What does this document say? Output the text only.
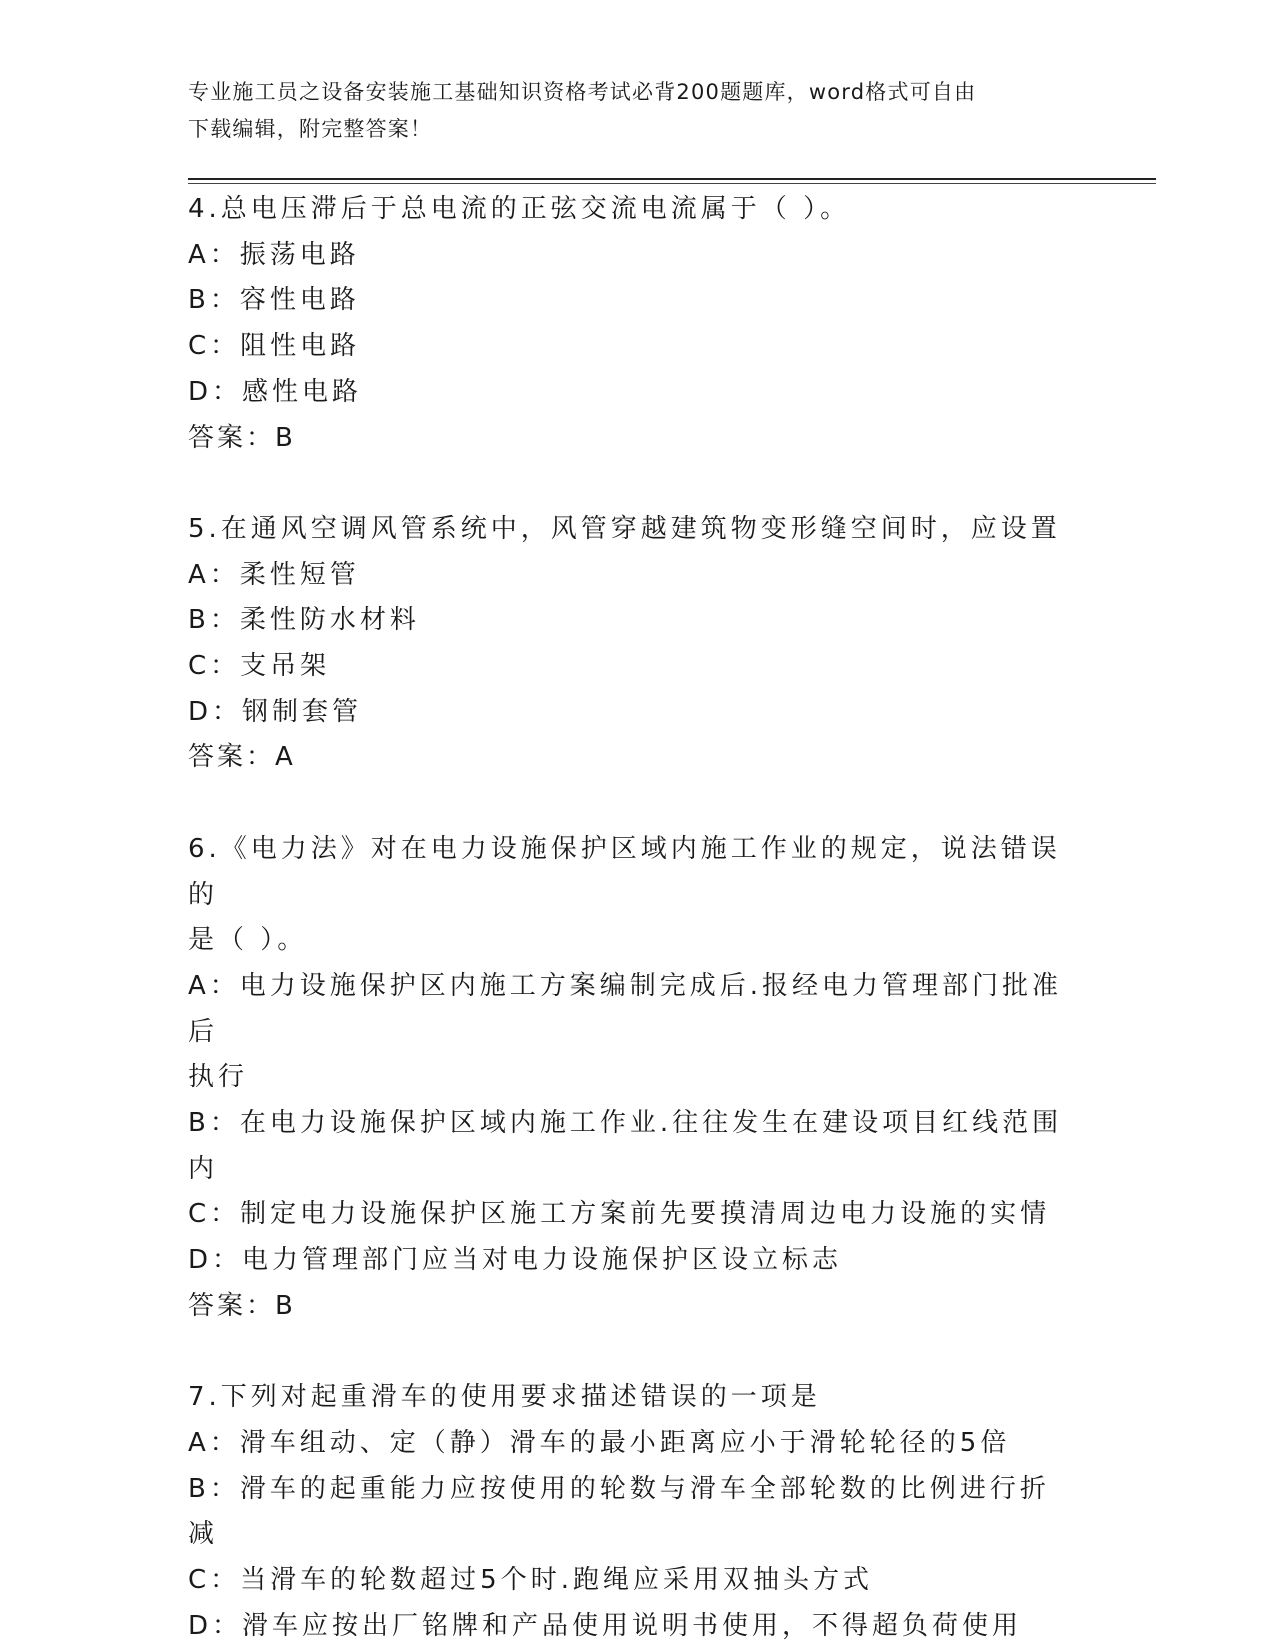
专业施工员之设备安装施工基础知识资格考试必背200题题库，word格式可自由
下载编辑，附完整答案！
4.总电压滞后于总电流的正弦交流电流属于（ ）。
A：振荡电路
B：容性电路
C：阻性电路
D：感性电路
答案：B
5.在通风空调风管系统中，风管穿越建筑物变形缝空间时，应设置
A：柔性短管
B：柔性防水材料
C：支吊架
D：钢制套管
答案：A
6.《电力法》对在电力设施保护区域内施工作业的规定，说法错误的
是（ ）。
A：电力设施保护区内施工方案编制完成后.报经电力管理部门批准后
执行
B：在电力设施保护区域内施工作业.往往发生在建设项目红线范围内
C：制定电力设施保护区施工方案前先要摸清周边电力设施的实情
D：电力管理部门应当对电力设施保护区设立标志
答案：B
7.下列对起重滑车的使用要求描述错误的一项是
A：滑车组动、定（静）滑车的最小距离应小于滑轮轮径的5倍
B：滑车的起重能力应按使用的轮数与滑车全部轮数的比例进行折减
C：当滑车的轮数超过5个时.跑绳应采用双抽头方式
D：滑车应按出厂铭牌和产品使用说明书使用，不得超负荷使用
